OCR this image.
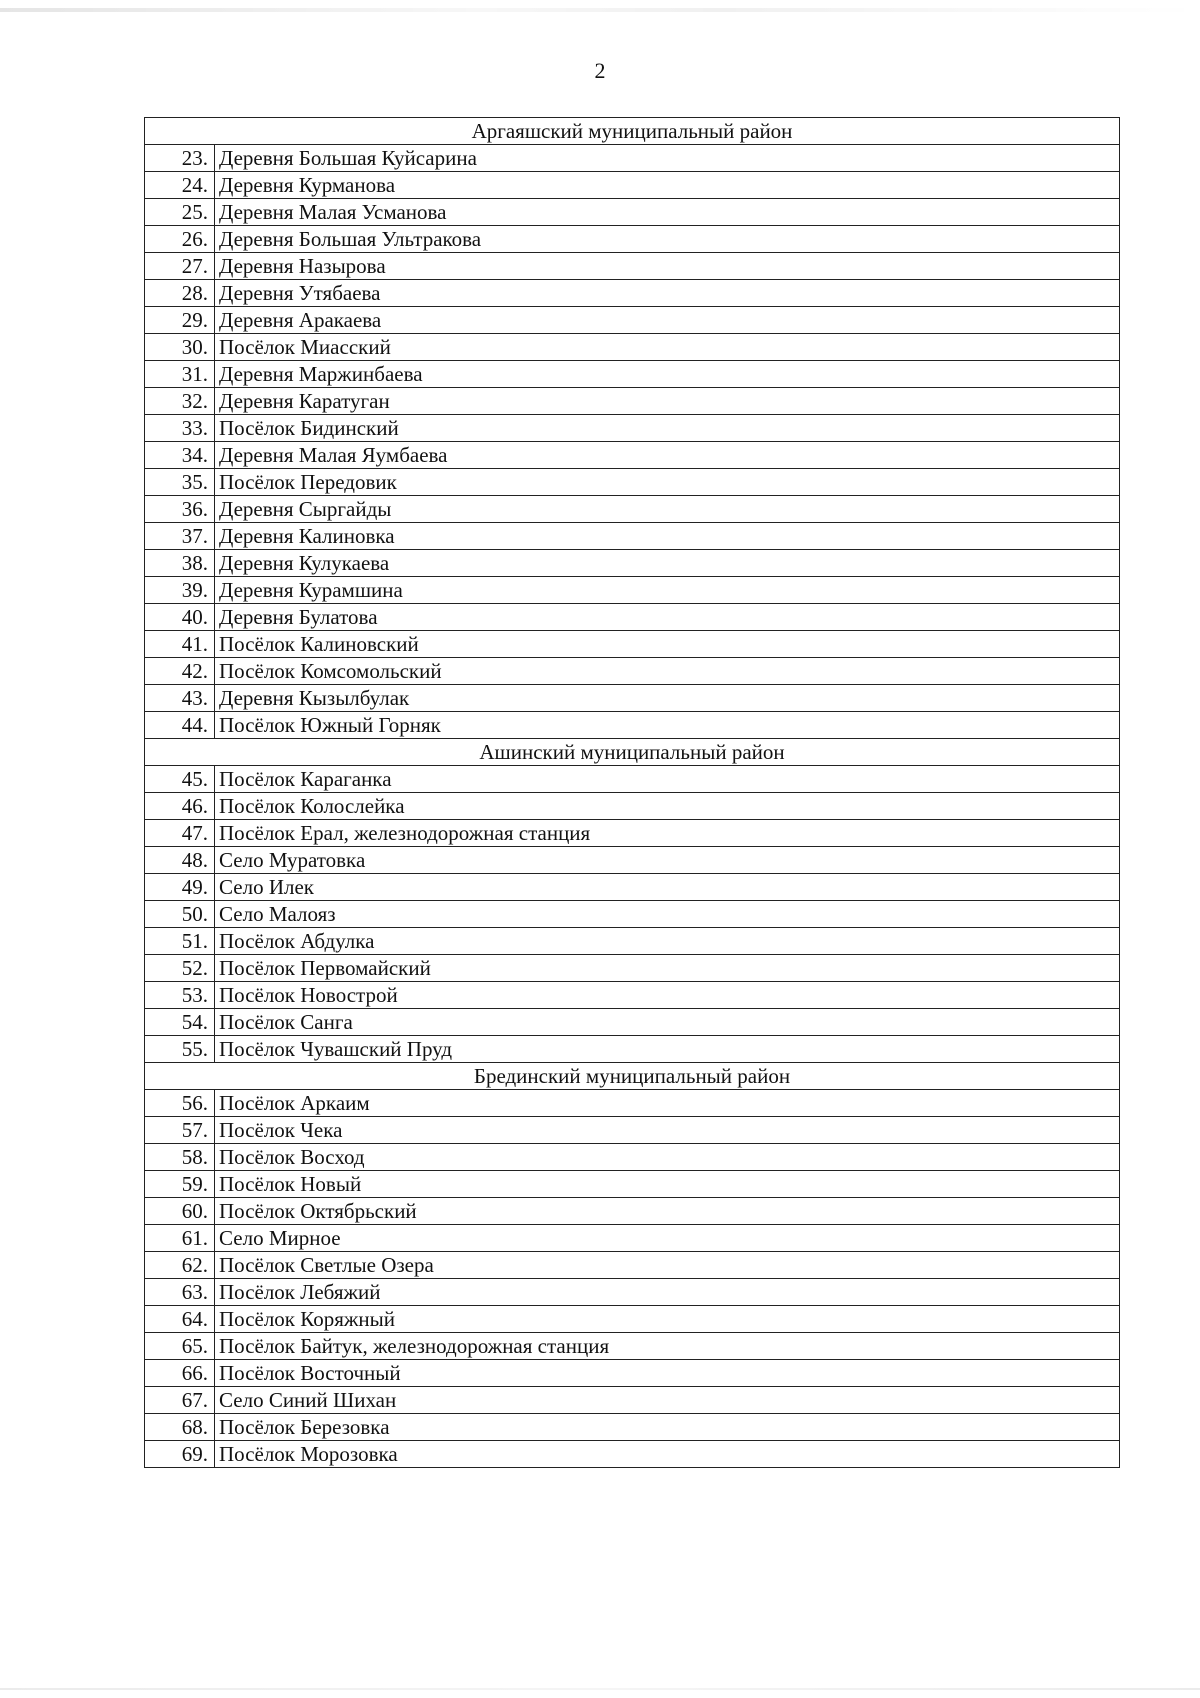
2
Аргаяшский муниципальный район	
23.	Деревня Большая Куйсарина
24.	Деревня Курманова
25.	Деревня Малая Усманова
26.	Деревня Большая Ультракова
27.	Деревня Назырова
28.	Деревня Утябаева
29.	Деревня Аракаева
30.	Посёлок Миасский
31.	Деревня Маржинбаева
32.	Деревня Каратуган
33.	Посёлок Бидинский
34.	Деревня Малая Яумбаева
35.	Посёлок Передовик
36.	Деревня Сыргайды
37.	Деревня Калиновка
38.	Деревня Кулукаева
39.	Деревня Курамшина
40.	Деревня Булатова
41.	Посёлок Калиновский
42.	Посёлок Комсомольский
43.	Деревня Кызылбулак
44.	Посёлок Южный Горняк
Ашинский муниципальный район	
45.	Посёлок Караганка
46.	Посёлок Колослейка
47.	Посёлок Ерал, железнодорожная станция
48.	Село Муратовка
49.	Село Илек
50.	Село Малояз
51.	Посёлок Абдулка
52.	Посёлок Первомайский
53.	Посёлок Новострой
54.	Посёлок Санга
55.	Посёлок Чувашский Пруд
Брединский муниципальный район	
56.	Посёлок Аркаим
57.	Посёлок Чека
58.	Посёлок Восход
59.	Посёлок Новый
60.	Посёлок Октябрьский
61.	Село Мирное
62.	Посёлок Светлые Озера
63.	Посёлок Лебяжий
64.	Посёлок Коряжный
65.	Посёлок Байтук, железнодорожная станция
66.	Посёлок Восточный
67.	Село Синий Шихан
68.	Посёлок Березовка
69.	Посёлок Морозовка
